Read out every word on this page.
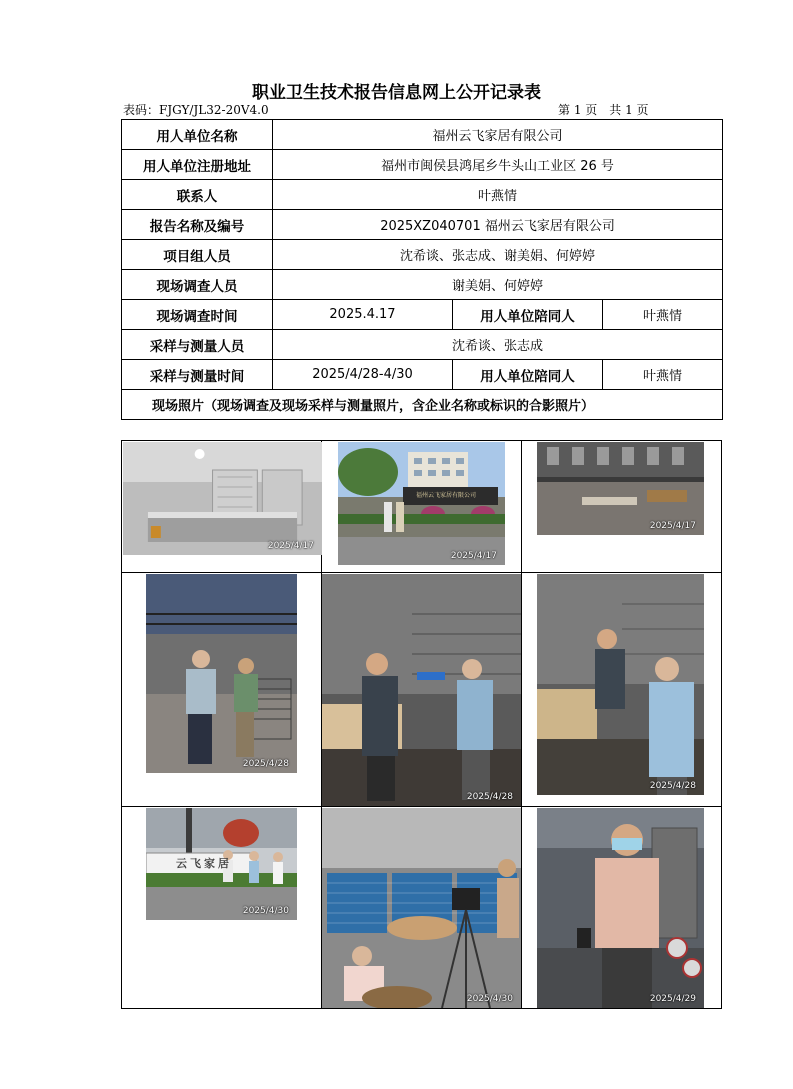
职业卫生技术报告信息网上公开记录表
表码：FJGY/JL32-20V4.0	第 1 页　共 1 页
用人单位名称	福州云飞家居有限公司		
用人单位注册地址	福州市闽侯县鸿尾乡牛头山工业区 26 号		
联系人	叶燕情		
报告名称及编号	2025XZ040701 福州云飞家居有限公司		
项目组人员	沈希谈、张志成、谢美娟、何婷婷		
现场调查人员	谢美娟、何婷婷		
现场调查时间	2025.4.17	用人单位陪同人	叶燕情
采样与测量人员	沈希谈、张志成		
采样与测量时间	2025/4/28-4/30	用人单位陪同人	叶燕情
现场照片（现场调查及现场采样与测量照片，含企业名称或标识的合影照片）			
2025/4/17
福州云飞家居有限公司
2025/4/17
2025/4/17
2025/4/28
2025/4/28
2025/4/28
云飞家居
2025/4/30
2025/4/30	2025/4/29
